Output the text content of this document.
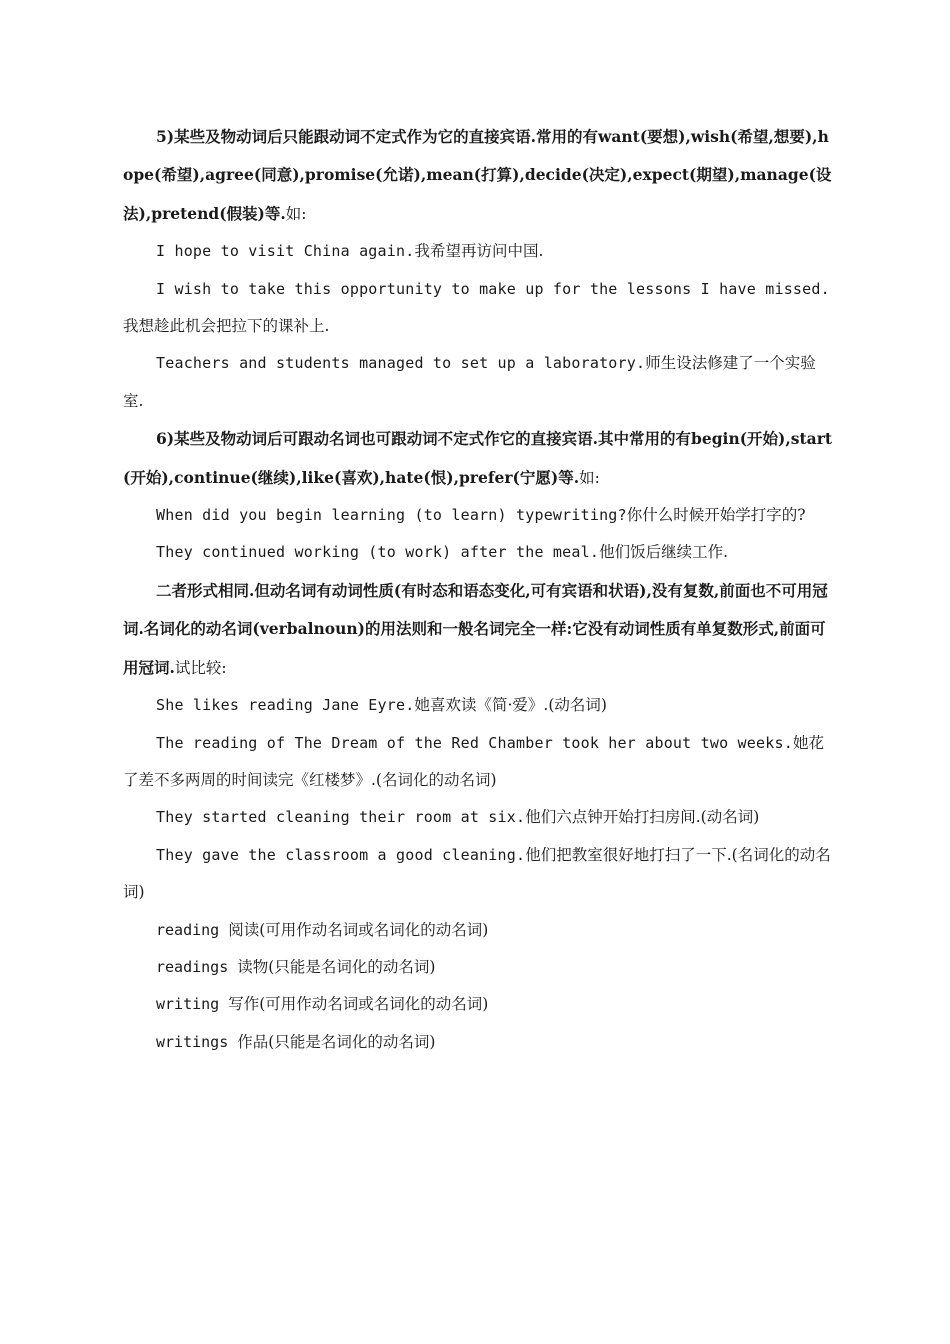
5)某些及物动词后只能跟动词不定式作为它的直接宾语.常用的有want(要想),wish(希望,想要),hope(希望),agree(同意),promise(允诺),mean(打算),decide(决定),expect(期望),manage(设法),pretend(假装)等.如:

I hope to visit China again.我希望再访问中国.

I wish to take this opportunity to make up for the lessons I have missed.我想趁此机会把拉下的课补上.

Teachers and students managed to set up a laboratory.师生设法修建了一个实验室.

6)某些及物动词后可跟动名词也可跟动词不定式作它的直接宾语.其中常用的有begin(开始),start(开始),continue(继续),like(喜欢),hate(恨),prefer(宁愿)等.如:

When did you begin learning (to learn) typewriting?你什么时候开始学打字的?

They continued working (to work) after the meal.他们饭后继续工作.

二者形式相同.但动名词有动词性质(有时态和语态变化,可有宾语和状语),没有复数,前面也不可用冠词.名词化的动名词(verbalnoun)的用法则和一般名词完全一样:它没有动词性质有单复数形式,前面可用冠词.试比较:

She likes reading Jane Eyre.她喜欢读《简·爱》.(动名词)

The reading of The Dream of the Red Chamber took her about two weeks.她花了差不多两周的时间读完《红楼梦》.(名词化的动名词)

They started cleaning their room at six.他们六点钟开始打扫房间.(动名词)

They gave the classroom a good cleaning.他们把教室很好地打扫了一下.(名词化的动名词)

reading 阅读(可用作动名词或名词化的动名词)

readings 读物(只能是名词化的动名词)

writing 写作(可用作动名词或名词化的动名词)

writings 作品(只能是名词化的动名词)
